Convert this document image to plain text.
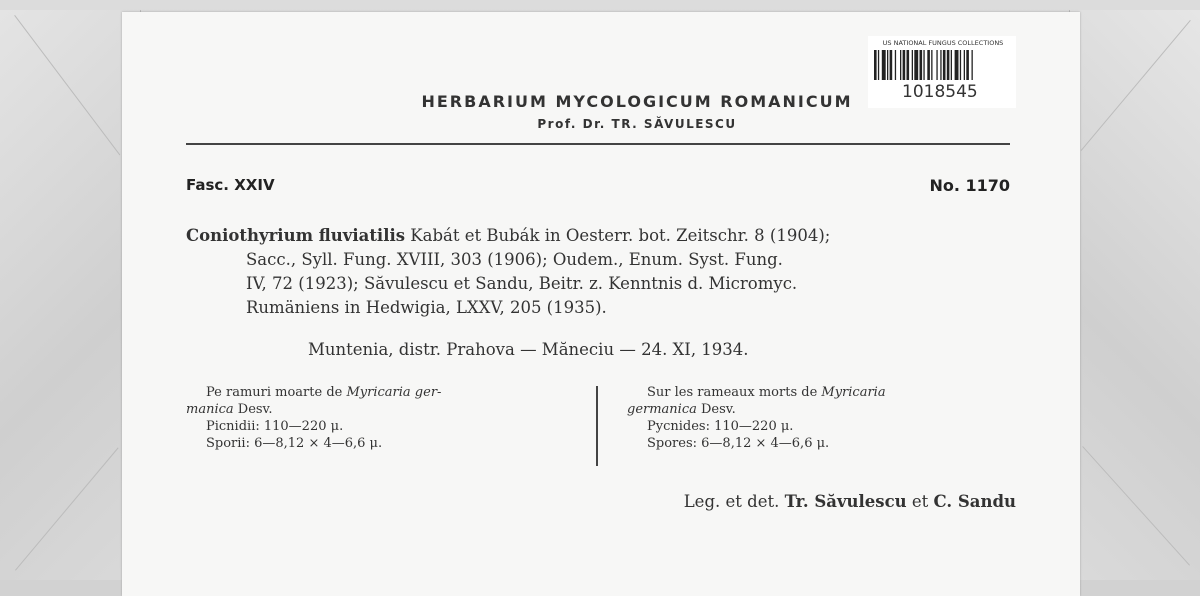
HERBARIUM MYCOLOGICUM ROMANICUM
Prof. Dr. TR. SĂVULESCU
Fasc. XXIV	No. 1170

Coniothyrium fluviatilis Kabát et Bubák in Oesterr. bot. Zeitschr. 8 (1904);

Sacc., Syll. Fung. XVIII, 303 (1906); Oudem., Enum. Syst. Fung.

IV, 72 (1923); Săvulescu et Sandu, Beitr. z. Kenntnis d. Micromyc.

Rumäniens in Hedwigia, LXXV, 205 (1935).

Muntenia, distr. Prahova — Măneciu — 24. XI, 1934.

Pe ramuri moarte de Myricaria ger-

manica Desv.

Picnidii: 110—220 μ.

Sporii: 6—8,12 × 4—6,6 μ.

Sur les rameaux morts de Myricaria

germanica Desv.

Pycnides: 110—220 μ.

Spores: 6—8,12 × 4—6,6 μ.

Leg. et det. Tr. Săvulescu et C. Sandu
US NATIONAL FUNGUS COLLECTIONS
1018545
